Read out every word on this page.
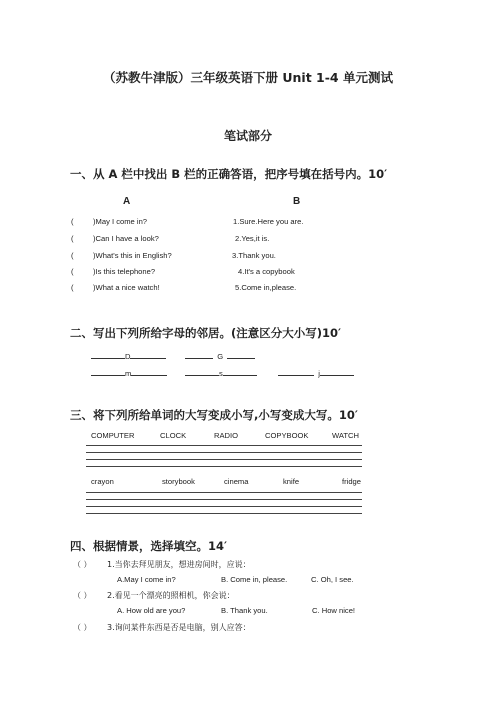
（苏教牛津版）三年级英语下册 Unit 1-4 单元测试
笔试部分
一、从 A 栏中找出 B 栏的正确答语，把序号填在括号内。10′
A	B
(	)May I come in?	1.Sure.Here you are.
(	)Can I have a look?	2.Yes,it is.
(	)What's this in English?	3.Thank you.
(	)Is this telephone?	4.It's a copybook
(	)What a nice watch!	5.Come in,please.
二、写出下列所给字母的邻居。(注意区分大小写)10′
D	G
m	s	j
三、将下列所给单词的大写变成小写,小写变成大写。10′
COMPUTER	CLOCK	RADIO	COPYBOOK	WATCH
crayon	storybook	cinema	knife	fridge
四、根据情景，选择填空。14′
（ ） 1.当你去拜见朋友，想进房间时，应说：
A.May I come in?	B. Come in, please.	C. Oh, I see.
（ ） 2.看见一个漂亮的照相机，你会说：
A. How old are you?	B. Thank you.	C. How nice!
（ ） 3.询问某件东西是否是电脑，别人应答：
